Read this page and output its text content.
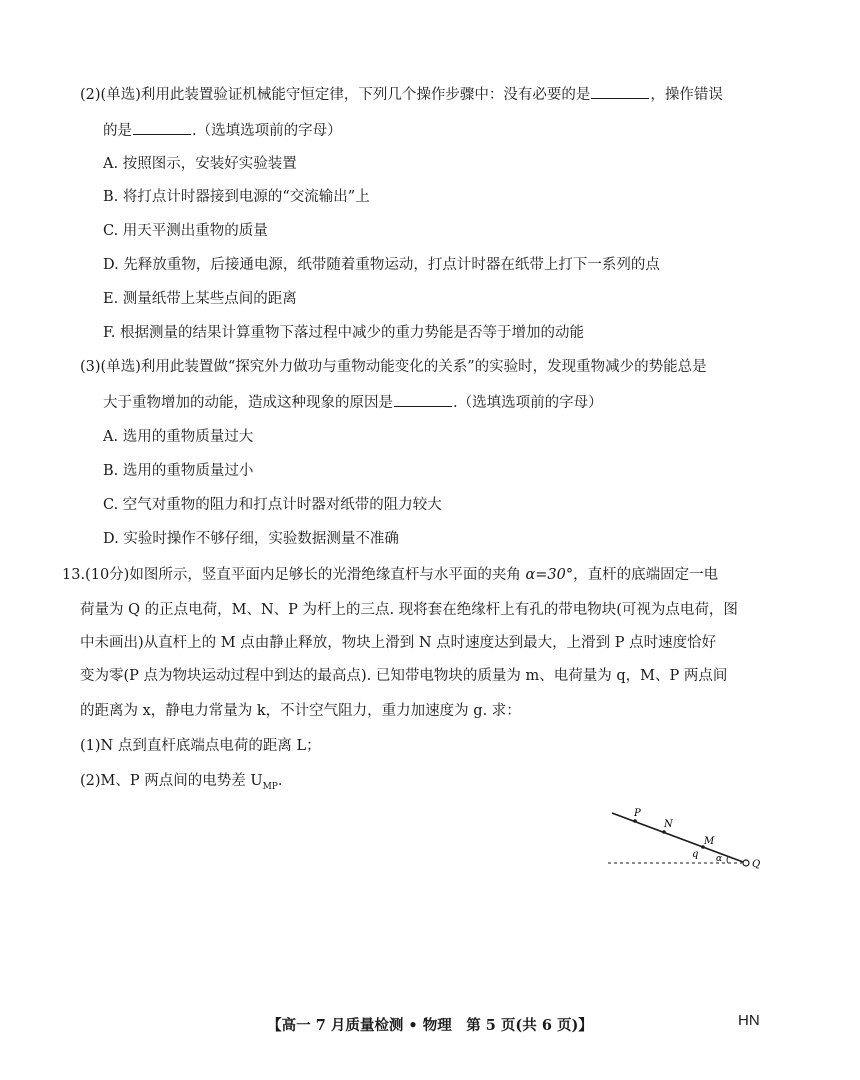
(2)(单选)利用此装置验证机械能守恒定律，下列几个操作步骤中：没有必要的是	，操作错误
的是	.（选填选项前的字母）
A. 按照图示，安装好实验装置
B. 将打点计时器接到电源的“交流输出”上
C. 用天平测出重物的质量
D. 先释放重物，后接通电源，纸带随着重物运动，打点计时器在纸带上打下一系列的点
E. 测量纸带上某些点间的距离
F. 根据测量的结果计算重物下落过程中减少的重力势能是否等于增加的动能
(3)(单选)利用此装置做“探究外力做功与重物动能变化的关系”的实验时，发现重物减少的势能总是
大于重物增加的动能，造成这种现象的原因是	.（选填选项前的字母）
A. 选用的重物质量过大
B. 选用的重物质量过小
C. 空气对重物的阻力和打点计时器对纸带的阻力较大
D. 实验时操作不够仔细，实验数据测量不准确
13.(10分)如图所示，竖直平面内足够长的光滑绝缘直杆与水平面的夹角 α=30°，直杆的底端固定一电
荷量为 Q 的正点电荷，M、N、P 为杆上的三点. 现将套在绝缘杆上有孔的带电物块(可视为点电荷，图
中未画出)从直杆上的 M 点由静止释放，物块上滑到 N 点时速度达到最大，上滑到 P 点时速度恰好
变为零(P 点为物块运动过程中到达的最高点). 已知带电物块的质量为 m、电荷量为 q，M、P 两点间
的距离为 x，静电力常量为 k，不计空气阻力，重力加速度为 g. 求：
(1)N 点到直杆底端点电荷的距离 L；
(2)M、P 两点间的电势差 $U_{MP}$.
P
N
M
q α	Q
【高一 7 月质量检测 • 物理　第 5 页(共 6 页)】	HN
